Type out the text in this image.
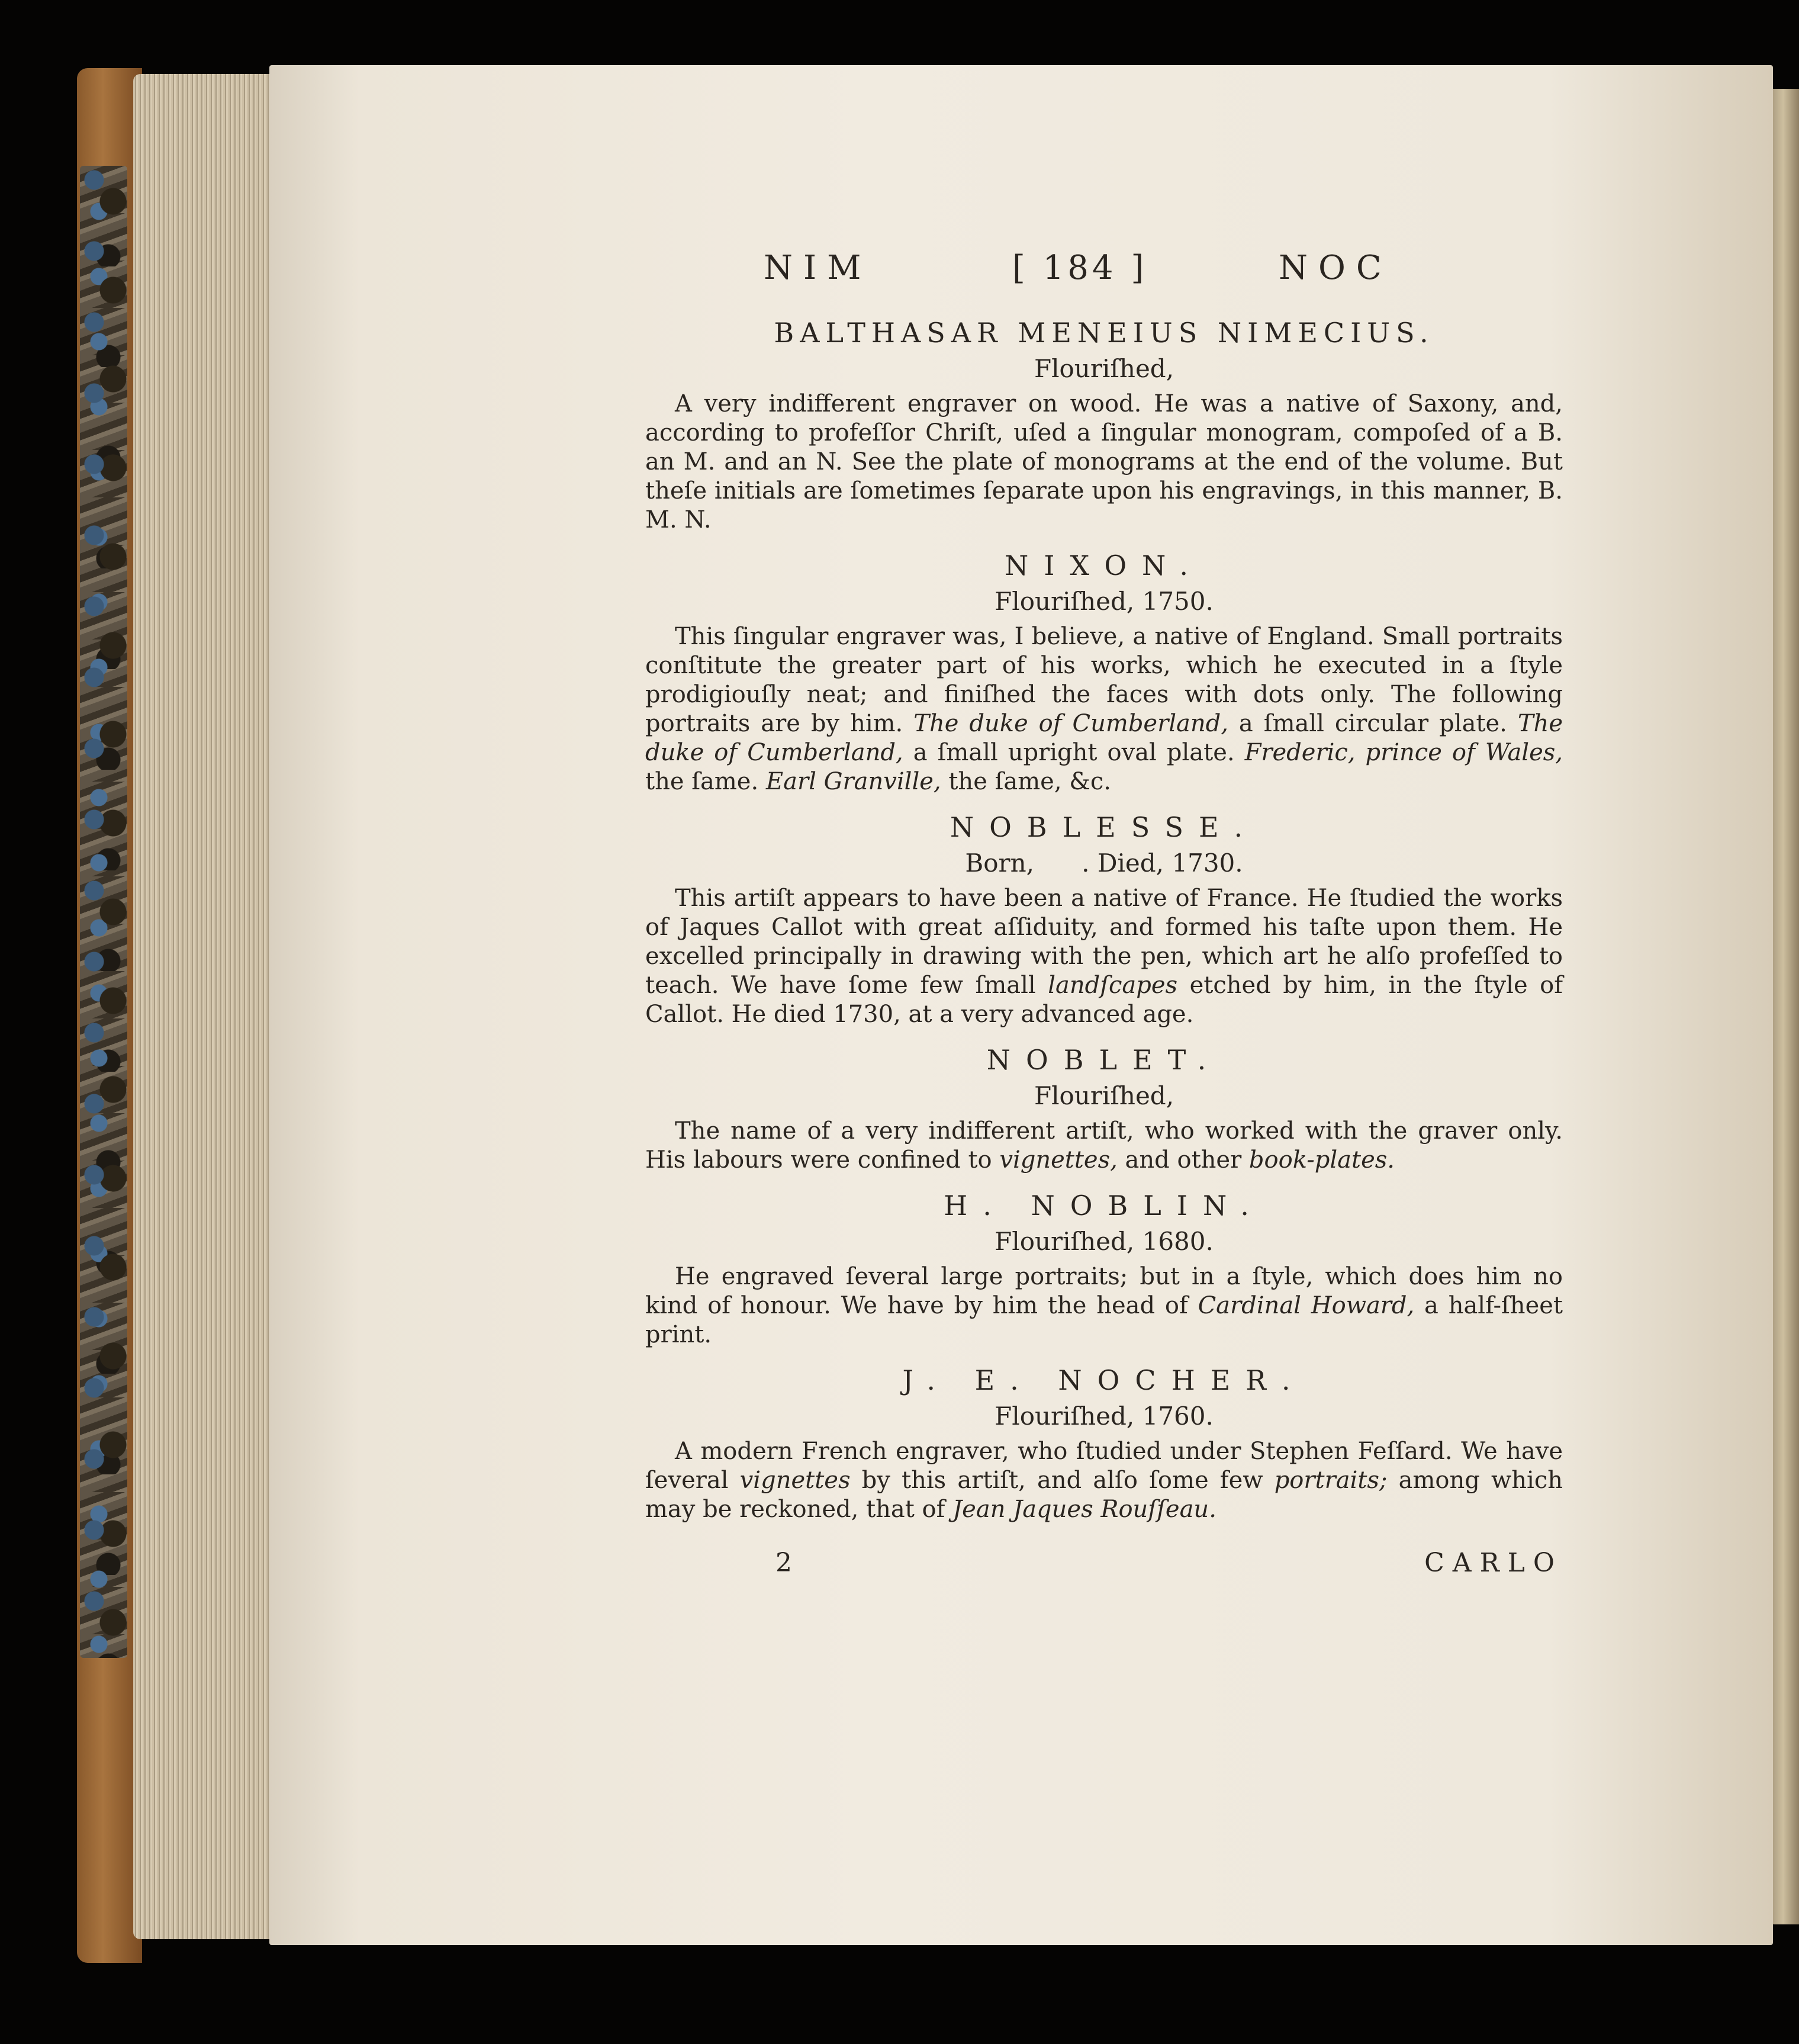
NIM	[ 184 ]	NOC

BALTHASAR MENEIUS NIMECIUS.

Flouriſhed,

A very indifferent engraver on wood. He was a native of Saxony, and, according to profeſſor Chriſt, uſed a ſingular monogram, compoſed of a B. an M. and an N. See the plate of monograms at the end of the volume. But theſe initials are ſometimes ſeparate upon his engravings, in this manner, B. M. N.

NIXON.

Flouriſhed, 1750.

This ſingular engraver was, I believe, a native of England. Small portraits conſtitute the greater part of his works, which he executed in a ſtyle prodigiouſly neat; and finiſhed the faces with dots only. The following portraits are by him. The duke of Cumberland, a ſmall circular plate. The duke of Cumberland, a ſmall upright oval plate. Frederic, prince of Wales, the ſame. Earl Granville, the ſame, &c.

NOBLESSE.

Born,      . Died, 1730.

This artiſt appears to have been a native of France. He ſtudied the works of Jaques Callot with great aſſiduity, and formed his taſte upon them. He excelled principally in drawing with the pen, which art he alſo profeſſed to teach. We have ſome few ſmall landſcapes etched by him, in the ſtyle of Callot. He died 1730, at a very advanced age.

NOBLET.

Flouriſhed,

The name of a very indifferent artiſt, who worked with the graver only. His labours were confined to vignettes, and other book-plates.

H. NOBLIN.

Flouriſhed, 1680.

He engraved ſeveral large portraits; but in a ſtyle, which does him no kind of honour. We have by him the head of Cardinal Howard, a half-ſheet print.

J. E. NOCHER.

Flouriſhed, 1760.

A modern French engraver, who ſtudied under Stephen Feſſard. We have ſeveral vignettes by this artiſt, and alſo ſome few portraits; among which may be reckoned, that of Jean Jaques Rouſſeau.

2	CARLO
